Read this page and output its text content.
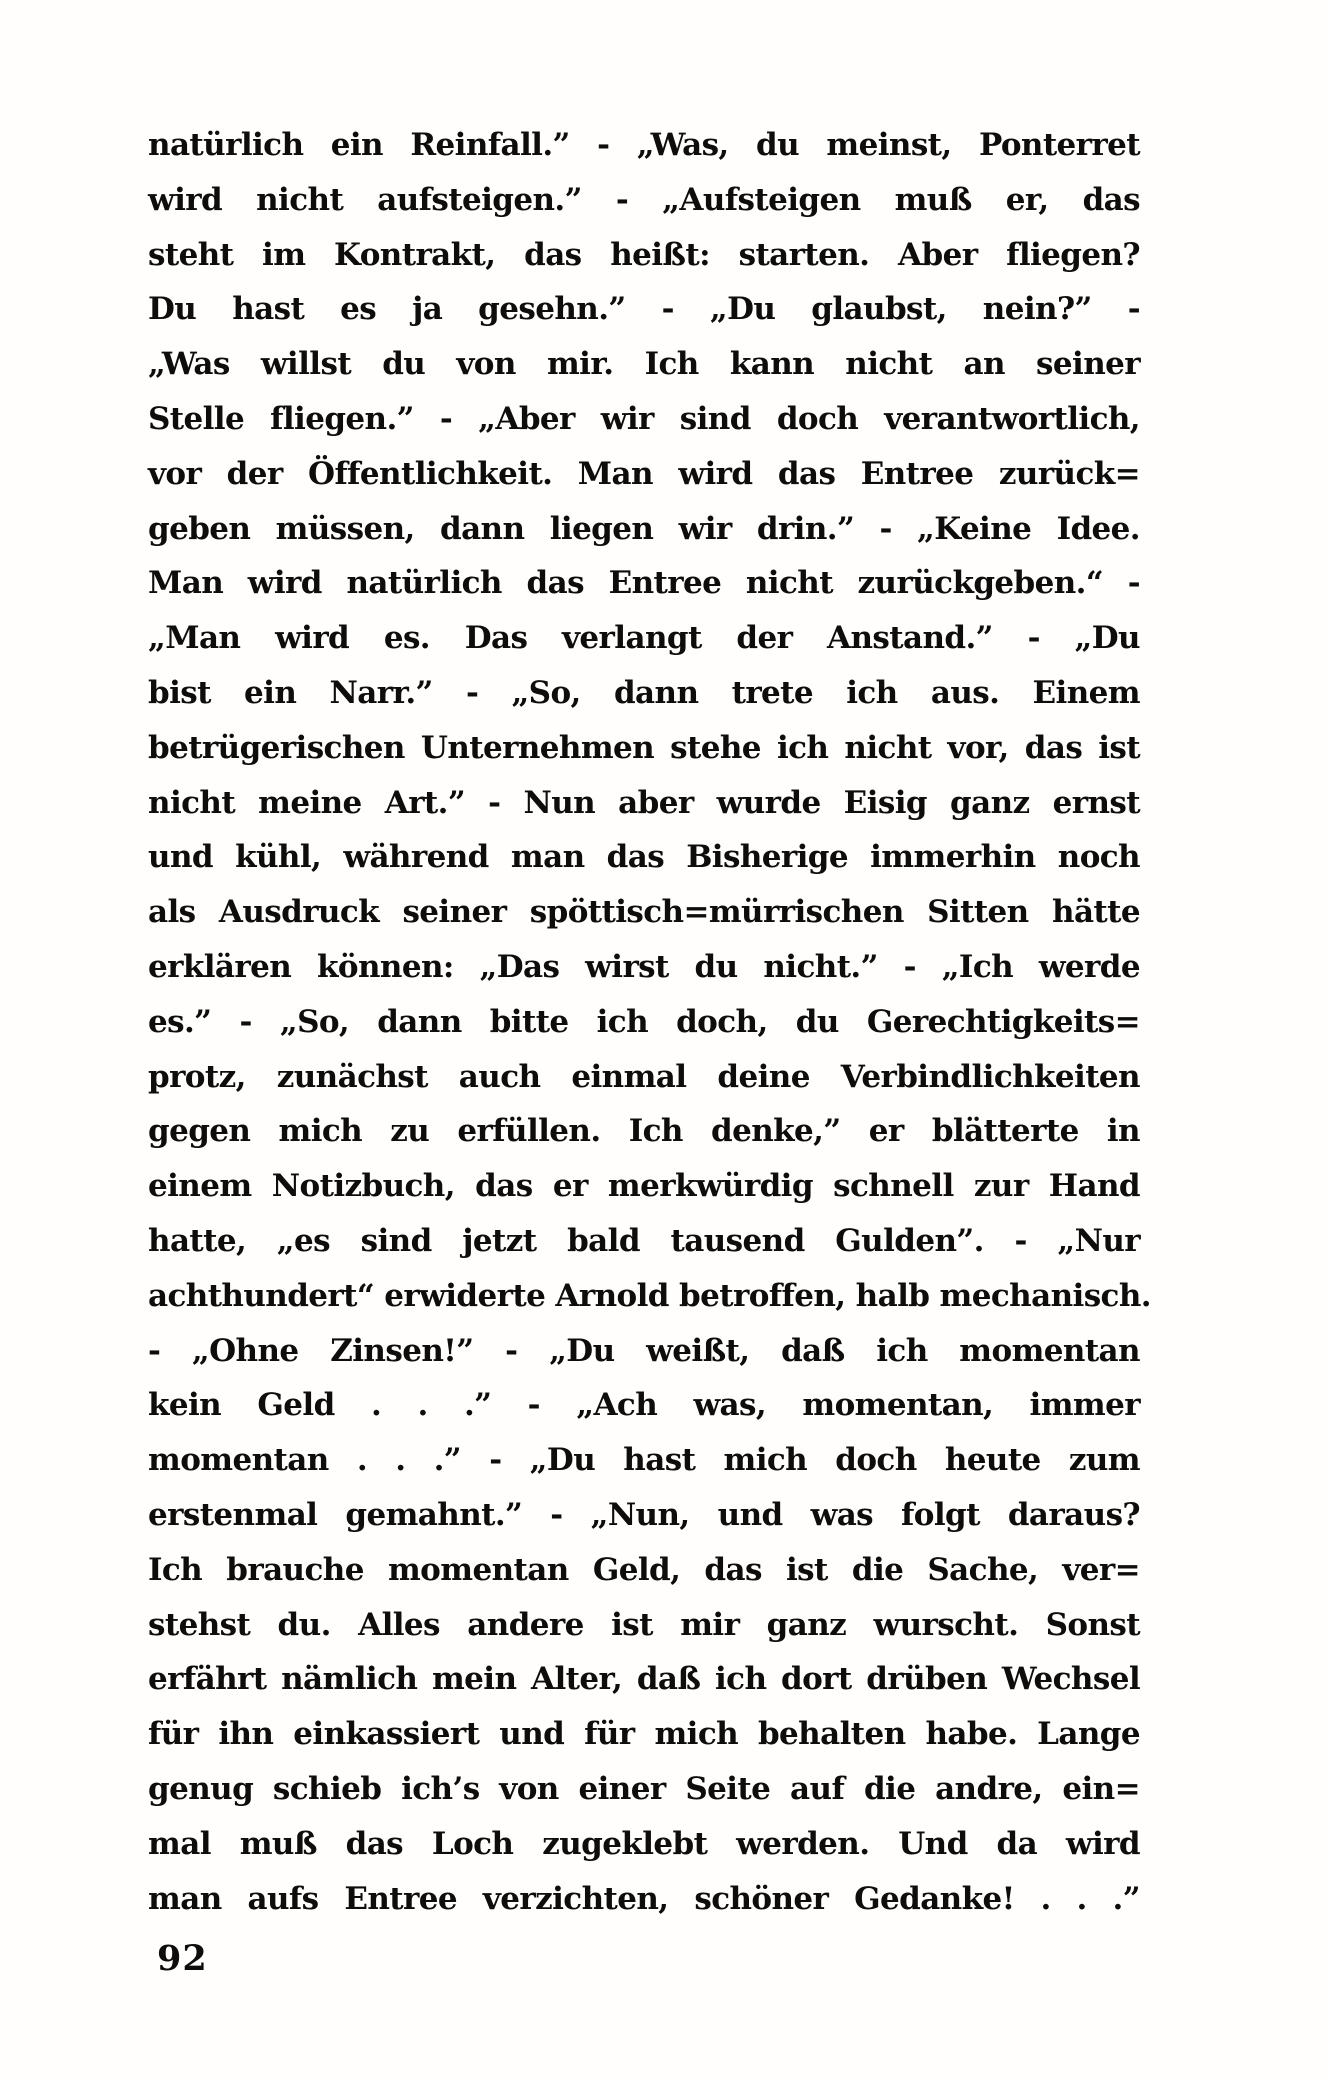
natürlich ein Reinfall.” - „Was, du meinst, Ponterret
wird nicht aufsteigen.” - „Aufsteigen muß er, das
steht im Kontrakt, das heißt: starten. Aber fliegen?
Du hast es ja gesehn.” - „Du glaubst, nein?” -
„Was willst du von mir. Ich kann nicht an seiner
Stelle fliegen.” - „Aber wir sind doch verantwortlich,
vor der Öffentlichkeit. Man wird das Entree zurück=
geben müssen, dann liegen wir drin.” - „Keine Idee.
Man wird natürlich das Entree nicht zurückgeben.“ -
„Man wird es. Das verlangt der Anstand.” - „Du
bist ein Narr.” - „So, dann trete ich aus. Einem
betrügerischen Unternehmen stehe ich nicht vor, das ist
nicht meine Art.” - Nun aber wurde Eisig ganz ernst
und kühl, während man das Bisherige immerhin noch
als Ausdruck seiner spöttisch=mürrischen Sitten hätte
erklären können: „Das wirst du nicht.” - „Ich werde
es.” - „So, dann bitte ich doch, du Gerechtigkeits=
protz, zunächst auch einmal deine Verbindlichkeiten
gegen mich zu erfüllen. Ich denke,” er blätterte in
einem Notizbuch, das er merkwürdig schnell zur Hand
hatte, „es sind jetzt bald tausend Gulden”. - „Nur
achthundert“ erwiderte Arnold betroffen, halb mechanisch.
- „Ohne Zinsen!” - „Du weißt, daß ich momentan
kein Geld . . .” - „Ach was, momentan, immer
momentan . . .” - „Du hast mich doch heute zum
erstenmal gemahnt.” - „Nun, und was folgt daraus?
Ich brauche momentan Geld, das ist die Sache, ver=
stehst du. Alles andere ist mir ganz wurscht. Sonst
erfährt nämlich mein Alter, daß ich dort drüben Wechsel
für ihn einkassiert und für mich behalten habe. Lange
genug schieb ich’s von einer Seite auf die andre, ein=
mal muß das Loch zugeklebt werden. Und da wird
man aufs Entree verzichten, schöner Gedanke! . . .”
92
